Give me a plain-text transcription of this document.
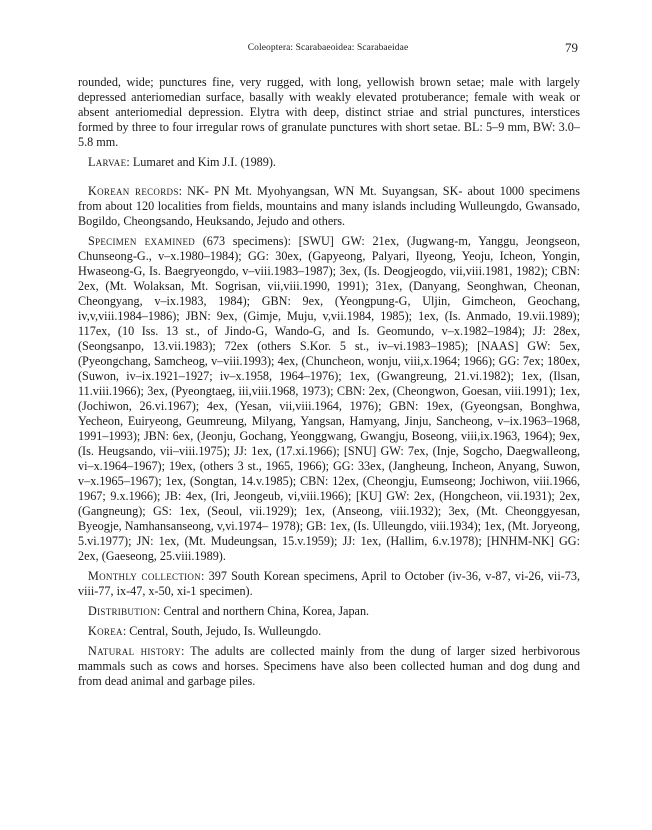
Coleoptera: Scarabaeoidea: Scarabaeidae	79

rounded, wide; punctures fine, very rugged, with long, yellowish brown setae; male with largely depressed anteriomedian surface, basally with weakly elevated protuberance; female with weak or absent anteriomedial depression. Elytra with deep, distinct striae and strial punctures, interstices formed by three to four irregular rows of granulate punctures with short setae. BL: 5–9 mm, BW: 3.0–5.8 mm.

Larvae: Lumaret and Kim J.I. (1989).

Korean records: NK- PN Mt. Myohyangsan, WN Mt. Suyangsan, SK- about 1000 specimens from about 120 localities from fields, mountains and many islands including Wulleungdo, Gwansado, Bogildo, Cheongsando, Heuksando, Jejudo and others.

Specimen examined (673 specimens): [SWU] GW: 21ex, (Jugwang-m, Yanggu, Jeongseon, Chunseong-G., v–x.1980–1984); GG: 30ex, (Gapyeong, Palyari, Ilyeong, Yeoju, Icheon, Yongin, Hwaseong-G, Is. Baegryeongdo, v–viii.1983–1987); 3ex, (Is. Deogjeogdo, vii,viii.1981, 1982); CBN: 2ex, (Mt. Wolaksan, Mt. Sogrisan, vii,viii.1990, 1991); 31ex, (Danyang, Seonghwan, Cheonan, Cheongyang, v–ix.1983, 1984); GBN: 9ex, (Yeongpung-G, Uljin, Gimcheon, Geochang, iv,v,viii.1984–1986); JBN: 9ex, (Gimje, Muju, v,vii.1984, 1985); 1ex, (Is. Anmado, 19.vii.1989); 117ex, (10 Iss. 13 st., of Jindo-G, Wando-G, and Is. Geomundo, v–x.1982–1984); JJ: 28ex, (Seongsanpo, 13.vii.1983); 72ex (others S.Kor. 5 st., iv–vi.1983–1985); [NAAS] GW: 5ex, (Pyeongchang, Samcheog, v–viii.1993); 4ex, (Chuncheon, wonju, viii,x.1964; 1966); GG: 7ex; 180ex, (Suwon, iv–ix.1921–1927; iv–x.1958, 1964–1976); 1ex, (Gwangreung, 21.vi.1982); 1ex, (Ilsan, 11.viii.1966); 3ex, (Pyeongtaeg, iii,viii.1968, 1973); CBN: 2ex, (Cheongwon, Goesan, viii.1991); 1ex, (Jochiwon, 26.vi.1967); 4ex, (Yesan, vii,viii.1964, 1976); GBN: 19ex, (Gyeongsan, Bonghwa, Yecheon, Euiryeong, Geumreung, Milyang, Yangsan, Hamyang, Jinju, Sancheong, v–ix.1963–1968, 1991–1993); JBN: 6ex, (Jeonju, Gochang, Yeonggwang, Gwangju, Boseong, viii,ix.1963, 1964); 9ex, (Is. Heugsando, vii–viii.1975); JJ: 1ex, (17.xi.1966); [SNU] GW: 7ex, (Inje, Sogcho, Daegwalleong, vi–x.1964–1967); 19ex, (others 3 st., 1965, 1966); GG: 33ex, (Jangheung, Incheon, Anyang, Suwon, v–x.1965–1967); 1ex, (Songtan, 14.v.1985); CBN: 12ex, (Cheongju, Eumseong; Jochiwon, viii.1966, 1967; 9.x.1966); JB: 4ex, (Iri, Jeongeub, vi,viii.1966); [KU] GW: 2ex, (Hongcheon, vii.1931); 2ex, (Gangneung); GS: 1ex, (Seoul, vii.1929); 1ex, (Anseong, viii.1932); 3ex, (Mt. Cheonggyesan, Byeogje, Namhansanseong, v,vi.1974– 1978); GB: 1ex, (Is. Ulleungdo, viii.1934); 1ex, (Mt. Joryeong, 5.vi.1977); JN: 1ex, (Mt. Mudeungsan, 15.v.1959); JJ: 1ex, (Hallim, 6.v.1978); [HNHM-NK] GG: 2ex, (Gaeseong, 25.viii.1989).

Monthly collection: 397 South Korean specimens, April to October (iv-36, v-87, vi-26, vii-73, viii-77, ix-47, x-50, xi-1 specimen).

Distribution: Central and northern China, Korea, Japan.

Korea: Central, South, Jejudo, Is. Wulleungdo.

Natural history: The adults are collected mainly from the dung of larger sized herbivorous mammals such as cows and horses. Specimens have also been collected human and dog dung and from dead animal and garbage piles.
